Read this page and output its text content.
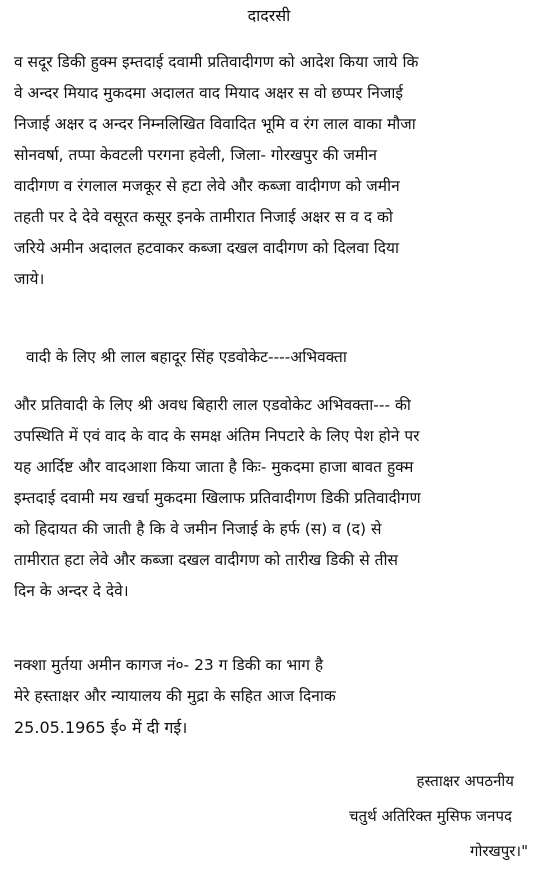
दादरसी
व सदूर डिकी हुक्म इम्तदाई दवामी प्रतिवादीगण को आदेश किया जाये कि
वे अन्दर मियाद मुकदमा अदालत वाद मियाद अक्षर स वो छप्पर निजाई
निजाई अक्षर द अन्दर निम्नलिखित विवादित भूमि व रंग लाल वाका मौजा
सोनवर्षा, तप्पा केवटली परगना हवेली, जिला- गोरखपुर की जमीन
वादीगण व रंगलाल मजकूर से हटा लेवे और कब्जा वादीगण को जमीन
तहती पर दे देवे वसूरत कसूर इनके तामीरात निजाई अक्षर स व द को
जरिये अमीन अदालत हटवाकर कब्जा दखल वादीगण को दिलवा दिया
जाये।
वादी के लिए श्री लाल बहादूर सिंह एडवोकेट----अभिवक्ता
और प्रतिवादी के लिए श्री अवध बिहारी लाल एडवोकेट अभिवक्ता--- की
उपस्थिति में एवं वाद के वाद के समक्ष अंतिम निपटारे के लिए पेश होने पर
यह आर्दिष्ट और वादआशा किया जाता है किः- मुकदमा हाजा बावत हुक्म
इम्तदाई दवामी मय खर्चा मुकदमा खिलाफ प्रतिवादीगण डिकी प्रतिवादीगण
को हिदायत की जाती है कि वे जमीन निजाई के हर्फ (स) व (द) से
तामीरात हटा लेवे और कब्जा दखल वादीगण को तारीख डिकी से तीस
दिन के अन्दर दे देवे।
नक्शा मुर्तया अमीन कागज नं०- 23 ग डिकी का भाग है
मेरे हस्ताक्षर और न्यायालय की मुद्रा के सहित आज दिनाक
25.05.1965 ई० में दी गई।
हस्ताक्षर अपठनीय
चतुर्थ अतिरिक्त मुसिफ जनपद
गोरखपुर।"
